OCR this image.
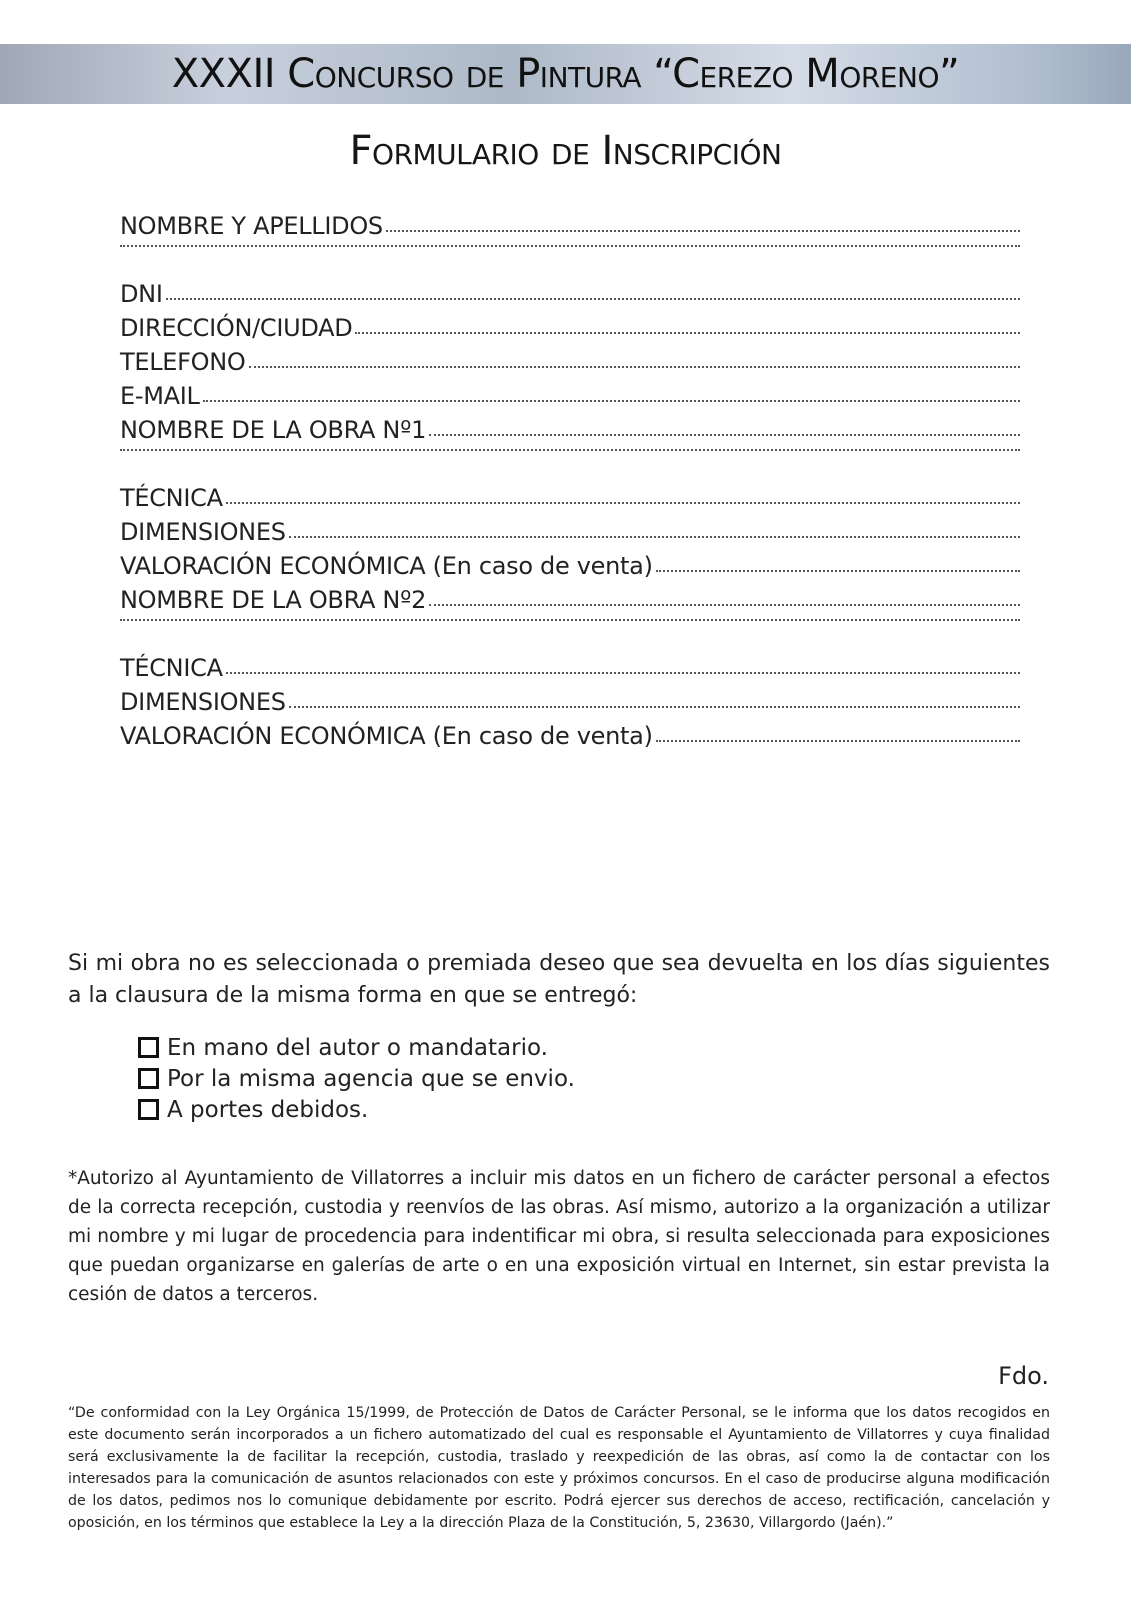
XXXII Concurso de Pintura “Cerezo Moreno”
Formulario de Inscripción
NOMBRE Y APELLIDOS
DNI
DIRECCIÓN/CIUDAD
TELEFONO
E-MAIL
NOMBRE DE LA OBRA Nº1
TÉCNICA
DIMENSIONES
VALORACIÓN ECONÓMICA (En caso de venta)
NOMBRE DE LA OBRA Nº2
TÉCNICA
DIMENSIONES
VALORACIÓN ECONÓMICA (En caso de venta)
Si mi obra no es seleccionada o premiada deseo que sea devuelta en los días siguientes a la clausura de la misma forma en que se entregó:
En mano del autor o mandatario.
Por la misma agencia que se envio.
A portes debidos.
*Autorizo al Ayuntamiento de Villatorres a incluir mis datos en un fichero de carácter personal a efectos de la correcta recepción, custodia y reenvíos de las obras. Así mismo, autorizo a la organización a utilizar mi nombre y mi lugar de procedencia para indentificar mi obra, si resulta seleccionada para exposiciones que puedan organizarse en galerías de arte o en una exposición virtual en Internet, sin estar prevista la cesión de datos a terceros.
Fdo.
“De conformidad con la Ley Orgánica 15/1999, de Protección de Datos de Carácter Personal, se le informa que los datos recogidos en este documento serán incorporados a un fichero automatizado del cual es responsable el Ayuntamiento de Villatorres y cuya finalidad será exclusivamente la de facilitar la recepción, custodia, traslado y reexpedición de las obras, así como la de contactar con los interesados para la comunicación de asuntos relacionados con este y próximos concursos. En el caso de producirse alguna modificación de los datos, pedimos nos lo comunique debidamente por escrito. Podrá ejercer sus derechos de acceso, rectificación, cancelación y oposición, en los términos que establece la Ley a la dirección Plaza de la Constitución, 5, 23630, Villargordo (Jaén).”
